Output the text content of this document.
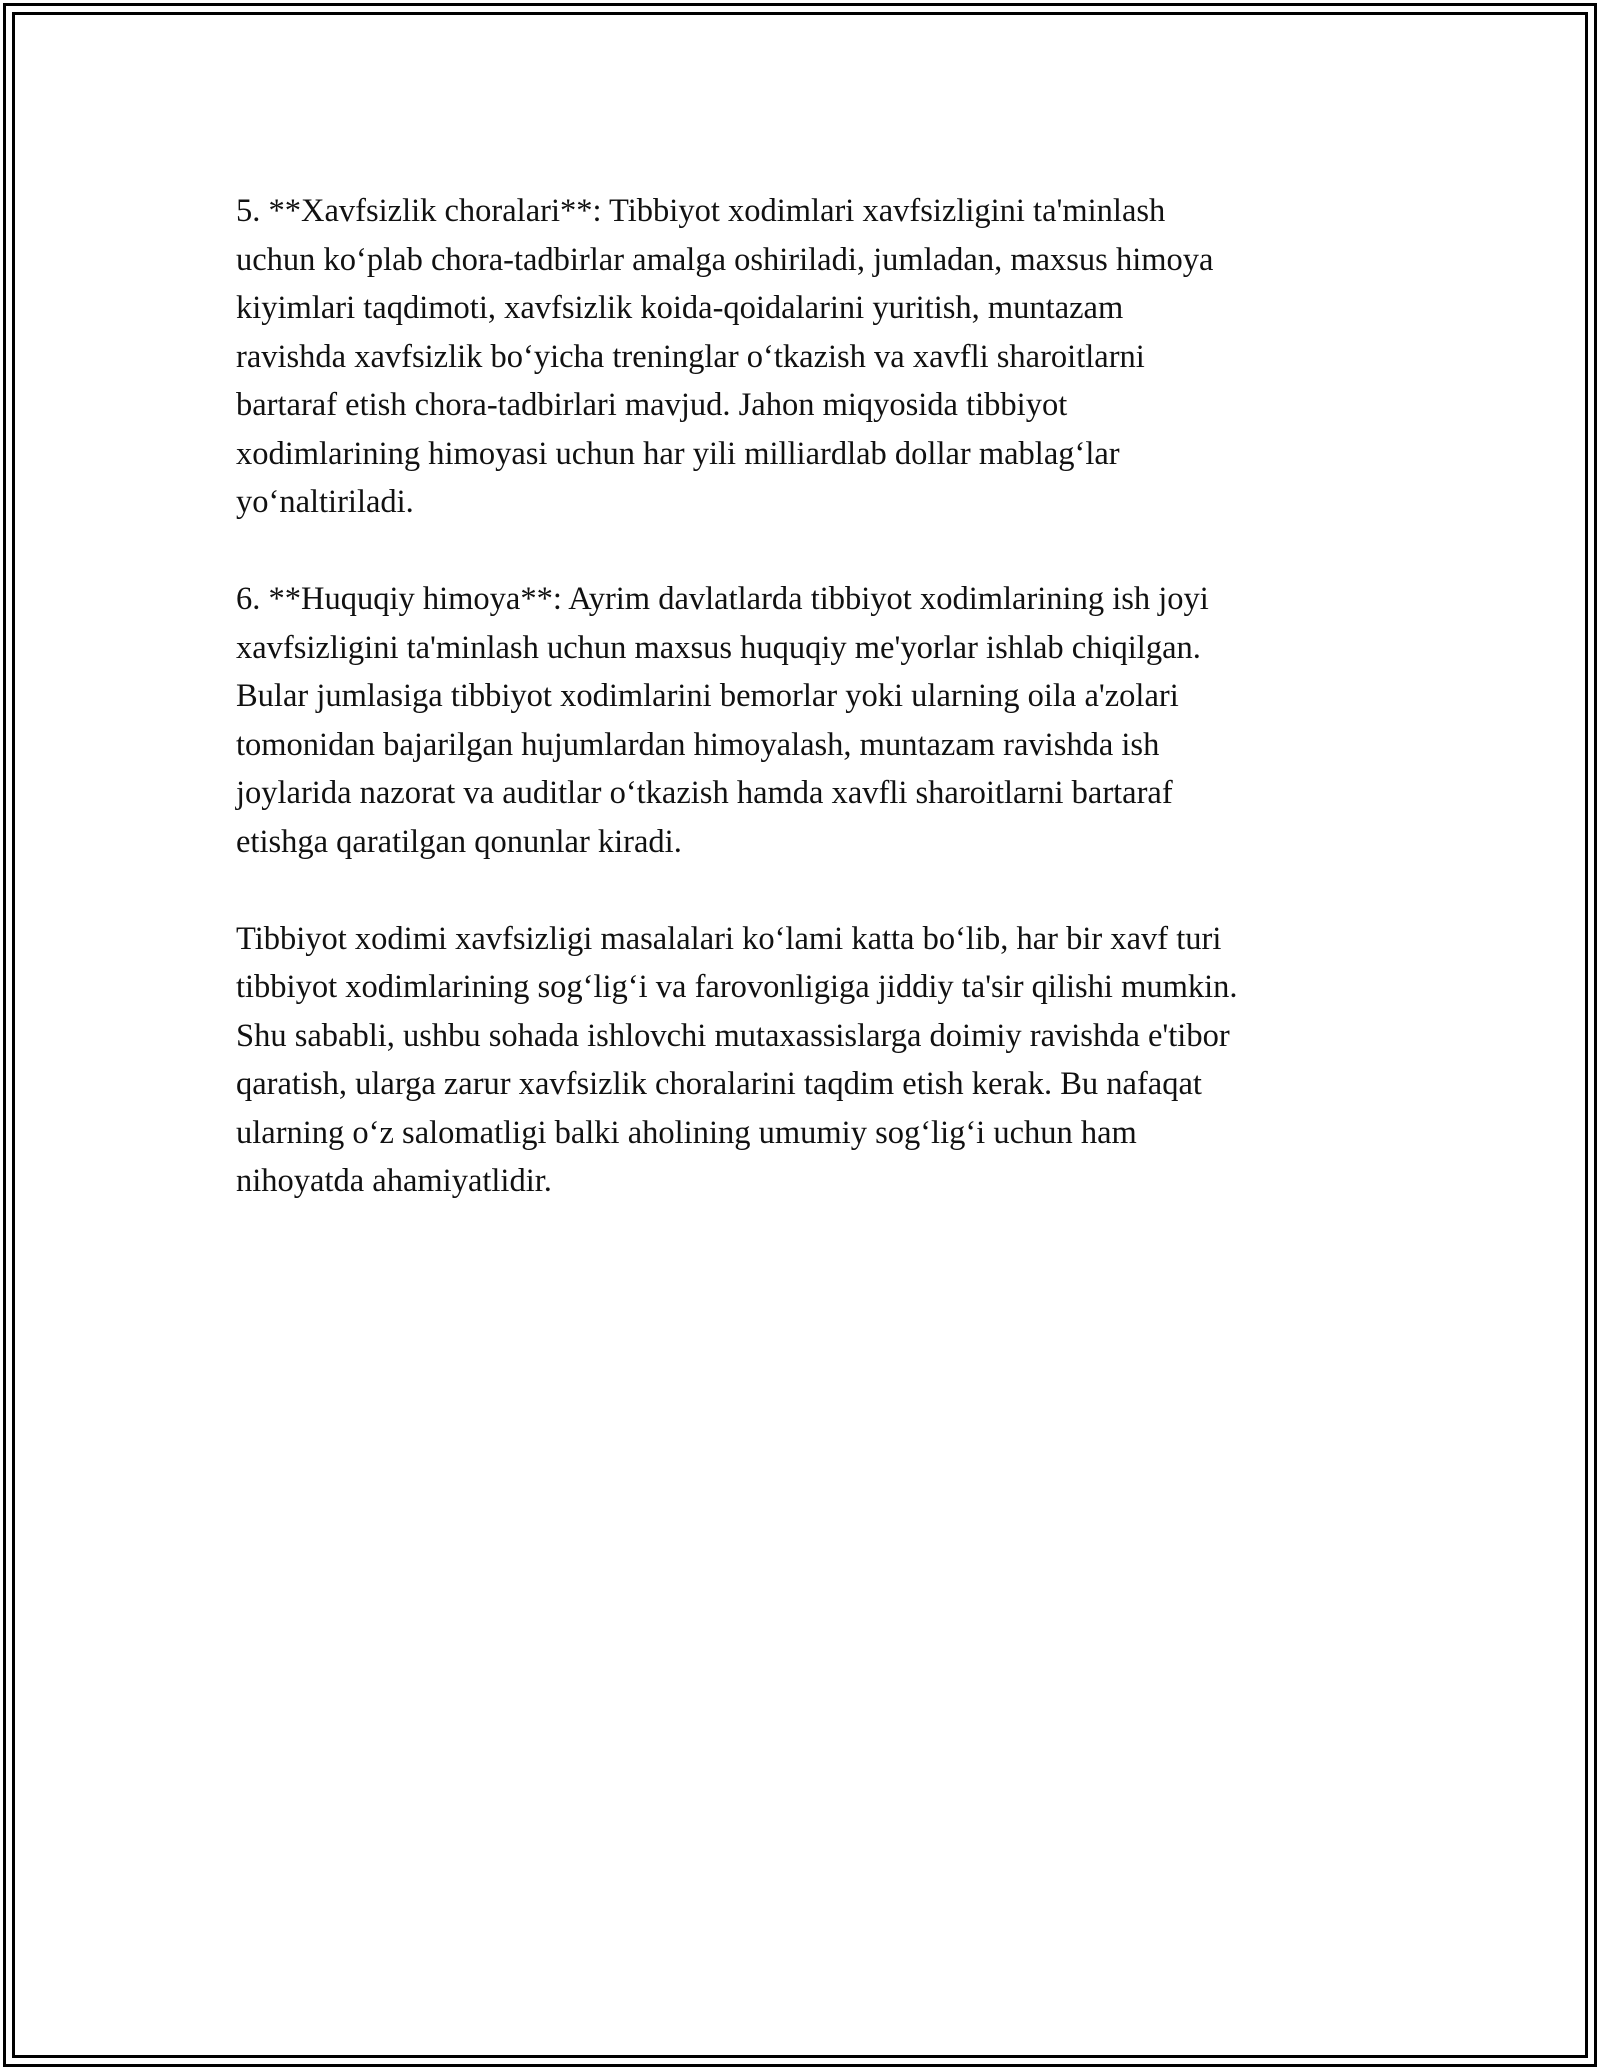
5. **Xavfsizlik choralari**: Tibbiyot xodimlari xavfsizligini ta'minlash
uchun ko‘plab chora-tadbirlar amalga oshiriladi, jumladan, maxsus himoya
kiyimlari taqdimoti, xavfsizlik koida-qoidalarini yuritish, muntazam
ravishda xavfsizlik bo‘yicha treninglar o‘tkazish va xavfli sharoitlarni
bartaraf etish chora-tadbirlari mavjud. Jahon miqyosida tibbiyot
xodimlarining himoyasi uchun har yili milliardlab dollar mablag‘lar
yo‘naltiriladi.

6. **Huquqiy himoya**: Ayrim davlatlarda tibbiyot xodimlarining ish joyi
xavfsizligini ta'minlash uchun maxsus huquqiy me'yorlar ishlab chiqilgan.
Bular jumlasiga tibbiyot xodimlarini bemorlar yoki ularning oila a'zolari
tomonidan bajarilgan hujumlardan himoyalash, muntazam ravishda ish
joylarida nazorat va auditlar o‘tkazish hamda xavfli sharoitlarni bartaraf
etishga qaratilgan qonunlar kiradi.

Tibbiyot xodimi xavfsizligi masalalari ko‘lami katta bo‘lib, har bir xavf turi
tibbiyot xodimlarining sog‘lig‘i va farovonligiga jiddiy ta'sir qilishi mumkin.
Shu sababli, ushbu sohada ishlovchi mutaxassislarga doimiy ravishda e'tibor
qaratish, ularga zarur xavfsizlik choralarini taqdim etish kerak. Bu nafaqat
ularning o‘z salomatligi balki aholining umumiy sog‘lig‘i uchun ham
nihoyatda ahamiyatlidir.
